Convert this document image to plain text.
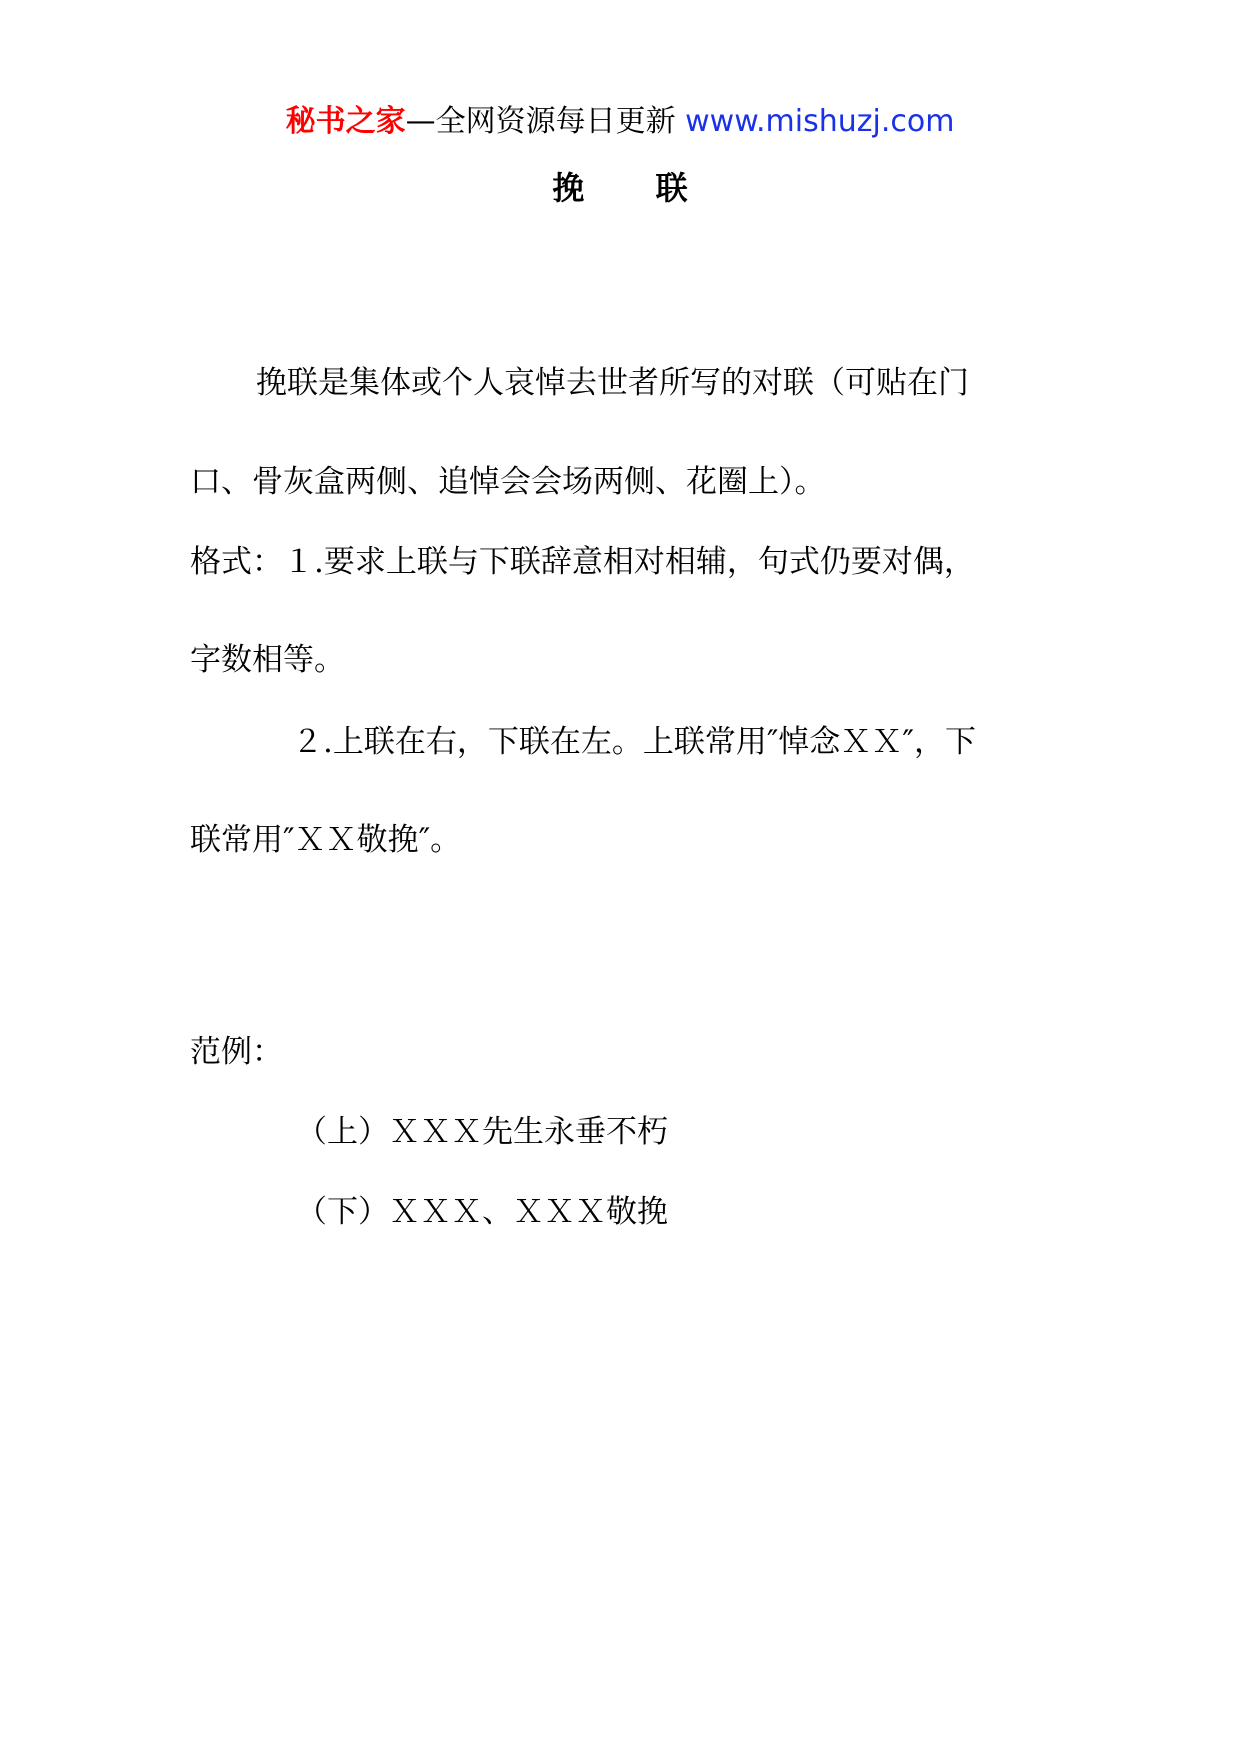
秘书之家—全网资源每日更新 www.mishuzj.com
挽 联
挽联是集体或个人哀悼去世者所写的对联（可贴在门
口、骨灰盒两侧、追悼会会场两侧、花圈上）。
格式：１.要求上联与下联辞意相对相辅，句式仍要对偶，
字数相等。
２.上联在右，下联在左。上联常用″悼念ＸＸ″，下
联常用″ＸＸ敬挽″。
范例：
（上）ＸＸＸ先生永垂不朽
（下）ＸＸＸ、ＸＸＸ敬挽
